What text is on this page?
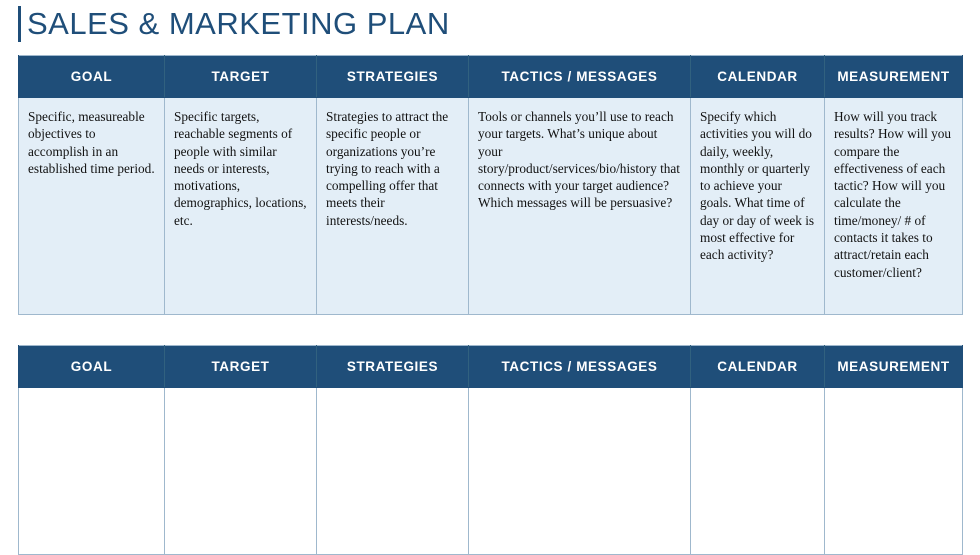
SALES & MARKETING PLAN
GOAL	TARGET	STRATEGIES	TACTICS / MESSAGES	CALENDAR	MEASUREMENT
Specific, measureable objectives to accomplish in an established time period.	Specific targets, reachable segments of people with similar needs or interests, motivations, demographics, locations, etc.	Strategies to attract the specific people or organizations you’re trying to reach with a compelling offer that meets their interests/needs.	Tools or channels you’ll use to reach your targets. What’s unique about your story/product/services/bio/history that connects with your target audience? Which messages will be persuasive?	Specify which activities you will do daily, weekly, monthly or quarterly to achieve your goals. What time of day or day of week is most effective for each activity?	How will you track results? How will you compare the effectiveness of each tactic? How will you calculate the time/money/ # of contacts it takes to attract/retain each customer/client?
GOAL	TARGET	STRATEGIES	TACTICS / MESSAGES	CALENDAR	MEASUREMENT
